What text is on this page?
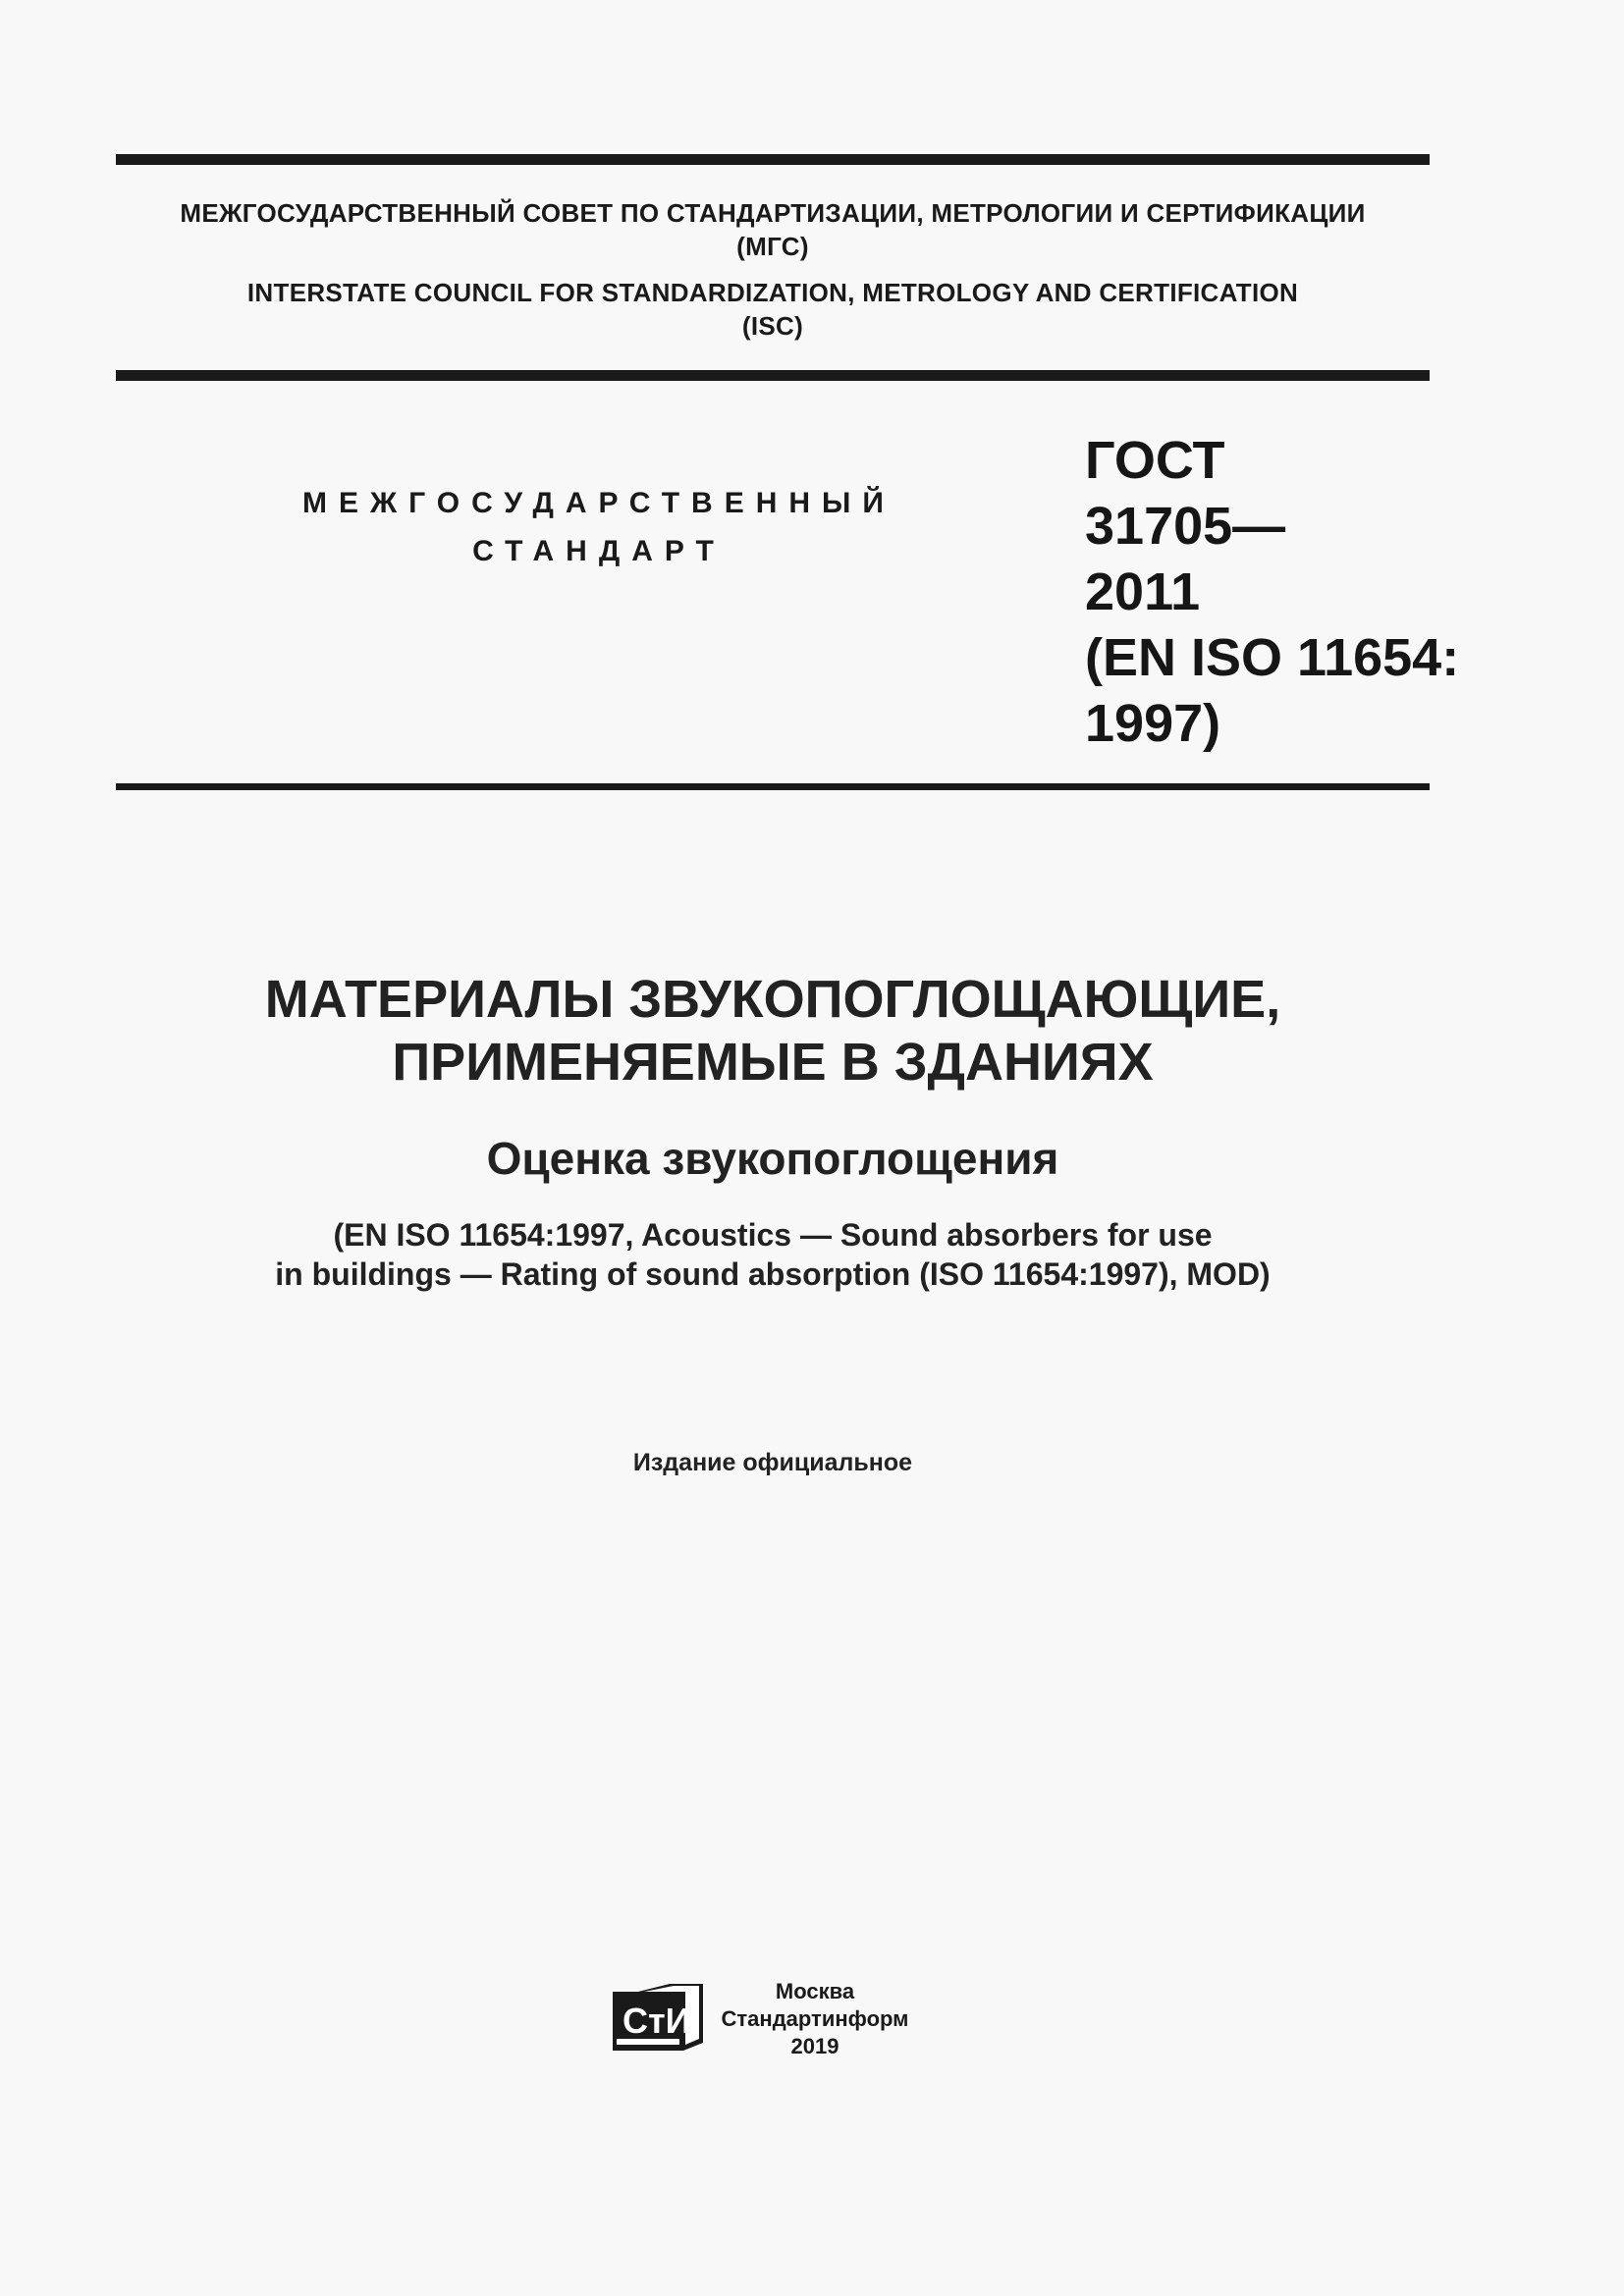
МЕЖГОСУДАРСТВЕННЫЙ СОВЕТ ПО СТАНДАРТИЗАЦИИ, МЕТРОЛОГИИ И СЕРТИФИКАЦИИ
(МГС)
INTERSTATE COUNCIL FOR STANDARDIZATION, METROLOGY AND CERTIFICATION
(ISC)
МЕЖГОСУДАРСТВЕННЫЙ
СТАНДАРТ
ГОСТ
31705—
2011
(EN ISO 11654:
1997)
МАТЕРИАЛЫ ЗВУКОПОГЛОЩАЮЩИЕ,
ПРИМЕНЯЕМЫЕ В ЗДАНИЯХ
Оценка звукопоглощения
(EN ISO 11654:1997, Acoustics — Sound absorbers for use
in buildings — Rating of sound absorption (ISO 11654:1997), MOD)
Издание официальное
СтИ
Москва
Стандартинформ
2019
